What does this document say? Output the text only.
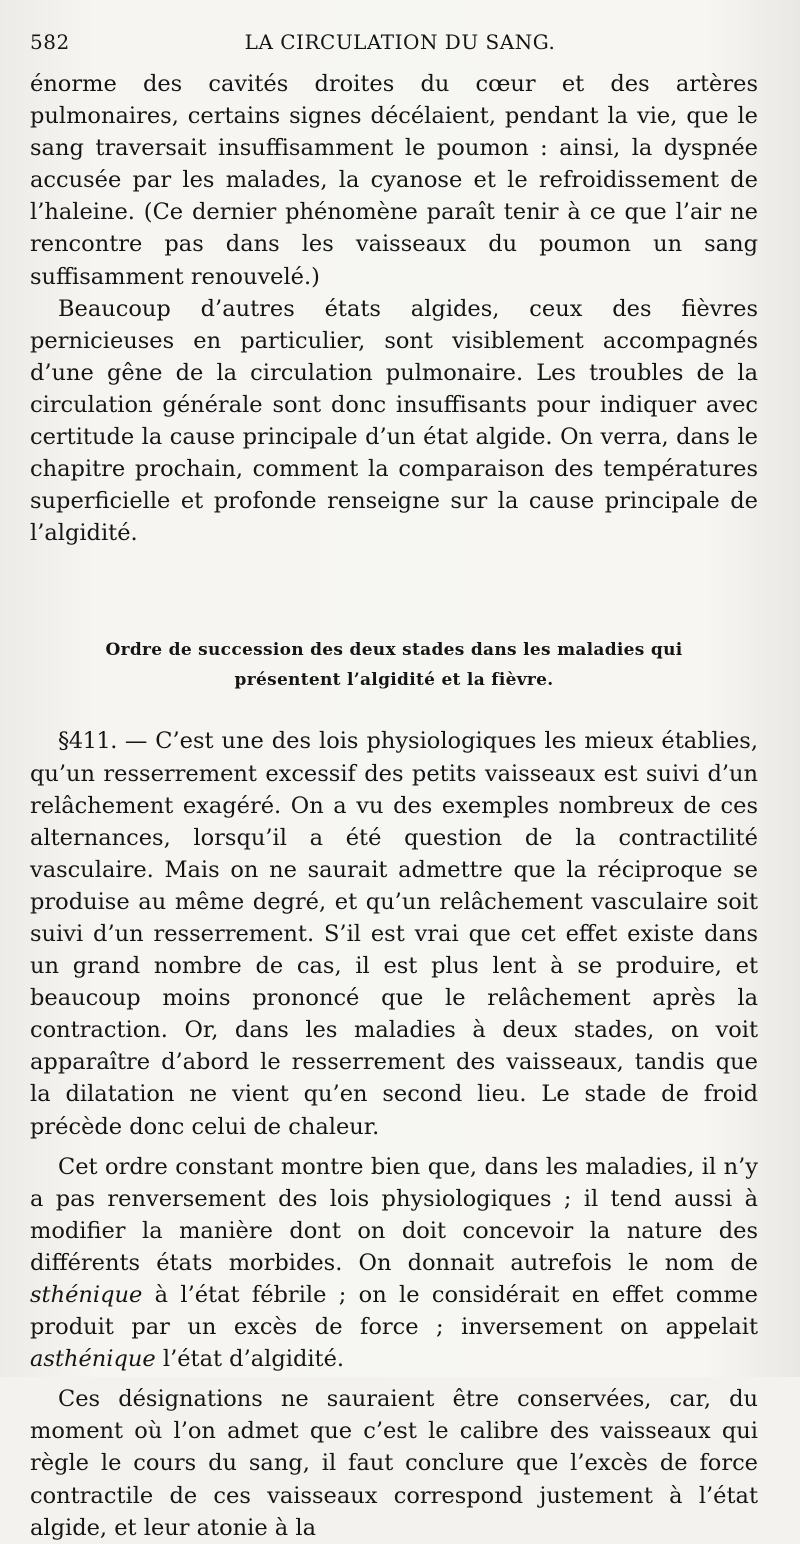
582	LA CIRCULATION DU SANG.

énorme des cavités droites du cœur et des artères pulmonaires, certains signes décélaient, pendant la vie, que le sang traversait insuffisamment le poumon : ainsi, la dyspnée accusée par les malades, la cyanose et le refroidissement de l’haleine. (Ce dernier phénomène paraît tenir à ce que l’air ne rencontre pas dans les vaisseaux du poumon un sang suffisamment renouvelé.)

Beaucoup d’autres états algides, ceux des fièvres pernicieuses en particulier, sont visiblement accompagnés d’une gêne de la circulation pulmonaire. Les troubles de la circulation générale sont donc insuffisants pour indiquer avec certitude la cause principale d’un état algide. On verra, dans le chapitre prochain, comment la comparaison des températures superficielle et profonde renseigne sur la cause principale de l’algidité.

Ordre de succession des deux stades dans les maladies qui présentent l’algidité et la fièvre.

§411. — C’est une des lois physiologiques les mieux établies, qu’un resserrement excessif des petits vaisseaux est suivi d’un relâchement exagéré. On a vu des exemples nombreux de ces alternances, lorsqu’il a été question de la contractilité vasculaire. Mais on ne saurait admettre que la réciproque se produise au même degré, et qu’un relâchement vasculaire soit suivi d’un resserrement. S’il est vrai que cet effet existe dans un grand nombre de cas, il est plus lent à se produire, et beaucoup moins prononcé que le relâchement après la contraction. Or, dans les maladies à deux stades, on voit apparaître d’abord le resserrement des vaisseaux, tandis que la dilatation ne vient qu’en second lieu. Le stade de froid précède donc celui de chaleur.

Cet ordre constant montre bien que, dans les maladies, il n’y a pas renversement des lois physiologiques ; il tend aussi à modifier la manière dont on doit concevoir la nature des différents états morbides. On donnait autrefois le nom de sthénique à l’état fébrile ; on le considérait en effet comme produit par un excès de force ; inversement on appelait asthénique l’état d’algidité.

Ces désignations ne sauraient être conservées, car, du moment où l’on admet que c’est le calibre des vaisseaux qui règle le cours du sang, il faut conclure que l’excès de force contractile de ces vaisseaux correspond justement à l’état algide, et leur atonie à la
